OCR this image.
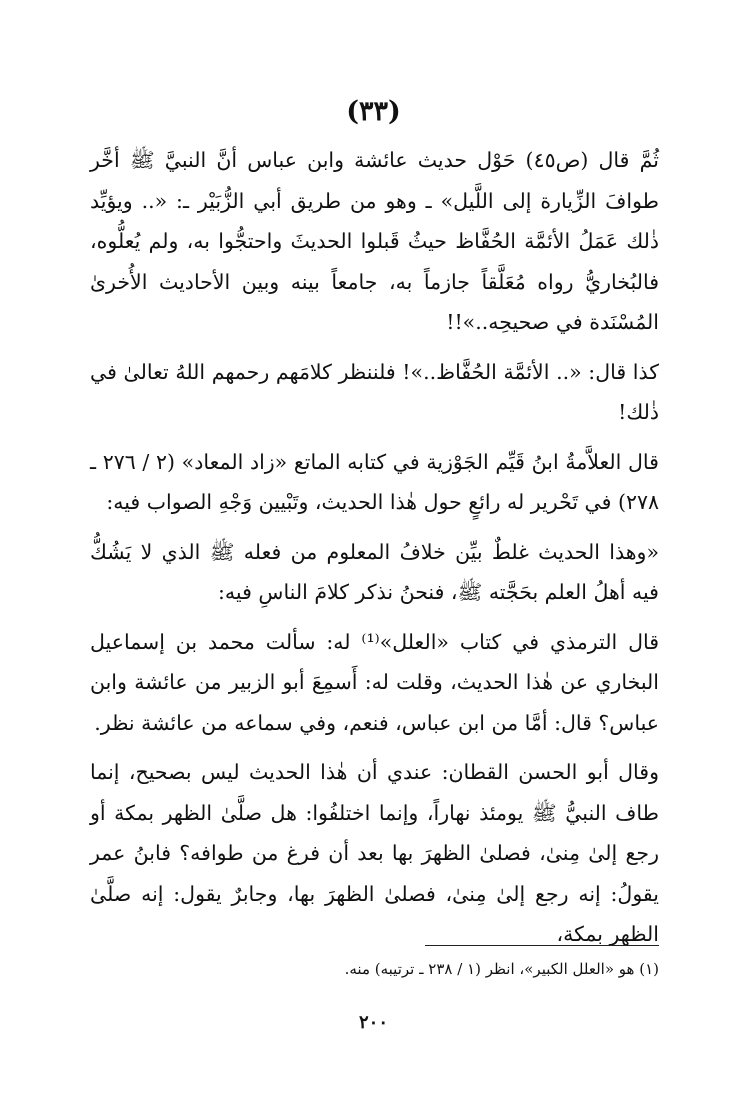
(٣٣)

ثُمَّ قال (ص٤٥) حَوْل حديث عائشة وابن عباس أنَّ النبيَّ ﷺ أخَّر طوافَ الزِّيارة إلى اللَّيل» ـ وهو من طريق أبي الزُّبَيْر ـ: «.. ويؤيِّد ذٰلك عَمَلُ الأئمَّة الحُفَّاظ حيثُ قَبلوا الحديثَ واحتجُّوا به، ولم يُعلُّوه، فالبُخاريُّ رواه مُعَلَّقاً جازماً به، جامعاً بينه وبين الأحاديث الأُخرىٰ المُسْنَدة في صحيحِه..»!!

كذا قال: «.. الأئمَّة الحُفَّاظ..»! فلننظر كلامَهم رحمهم اللهُ تعالىٰ في ذٰلك!

قال العلاَّمةُ ابنُ قَيِّم الجَوْزية في كتابه الماتع «زاد المعاد» (٢ / ٢٧٦ ـ ٢٧٨) في تَحْرير له رائعٍ حول هٰذا الحديث، وتَبْيين وَجْهِ الصواب فيه:

«وهذا الحديث غلطٌ بيِّن خلافُ المعلوم من فعله ﷺ الذي لا يَشُكُّ فيه أهلُ العلم بحَجَّته ﷺ، فنحنُ نذكر كلامَ الناسِ فيه:

قال الترمذي في كتاب «العلل»⁽¹⁾ له: سألت محمد بن إسماعيل البخاري عن هٰذا الحديث، وقلت له: أَسمِعَ أبو الزبير من عائشة وابن عباس؟ قال: أمَّا من ابن عباس، فنعم، وفي سماعه من عائشة نظر.

وقال أبو الحسن القطان: عندي أن هٰذا الحديث ليس بصحيح، إنما طاف النبيُّ ﷺ يومئذ نهاراً، وإنما اختلفُوا: هل صلَّىٰ الظهر بمكة أو رجع إلىٰ مِنىٰ، فصلىٰ الظهرَ بها بعد أن فرغ من طوافه؟ فابنُ عمر يقولُ: إنه رجع إلىٰ مِنىٰ، فصلىٰ الظهرَ بها، وجابرٌ يقول: إنه صلَّىٰ الظهر بمكة،

(١) هو «العلل الكبير»، انظر (١ / ٢٣٨ ـ ترتيبه) منه.

٢٠٠
